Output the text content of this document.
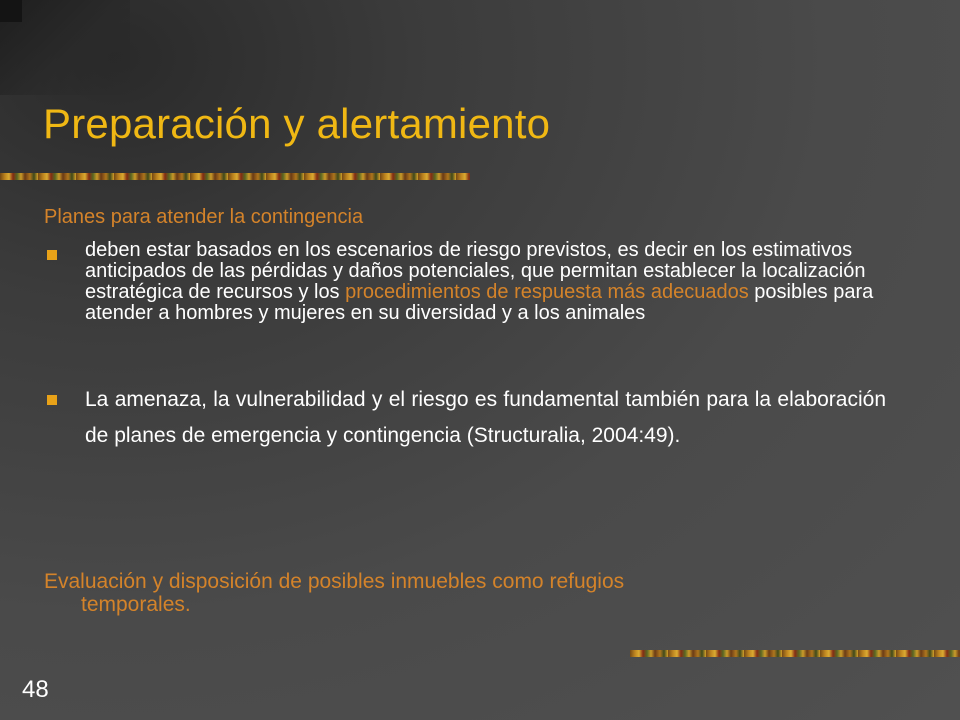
Preparación y alertamiento

Planes para atender la contingencia

deben estar basados en los escenarios de riesgo previstos, es decir en los estimativos anticipados de las pérdidas y daños potenciales, que permitan establecer la localización estratégica de recursos y los procedimientos de respuesta más adecuados posibles para atender a hombres y mujeres en su diversidad y a los animales
La amenaza, la vulnerabilidad y el riesgo es fundamental también para la elaboración de planes de emergencia y contingencia (Structuralia, 2004:49).

Evaluación y disposición de posibles inmuebles como refugios
temporales.

48
